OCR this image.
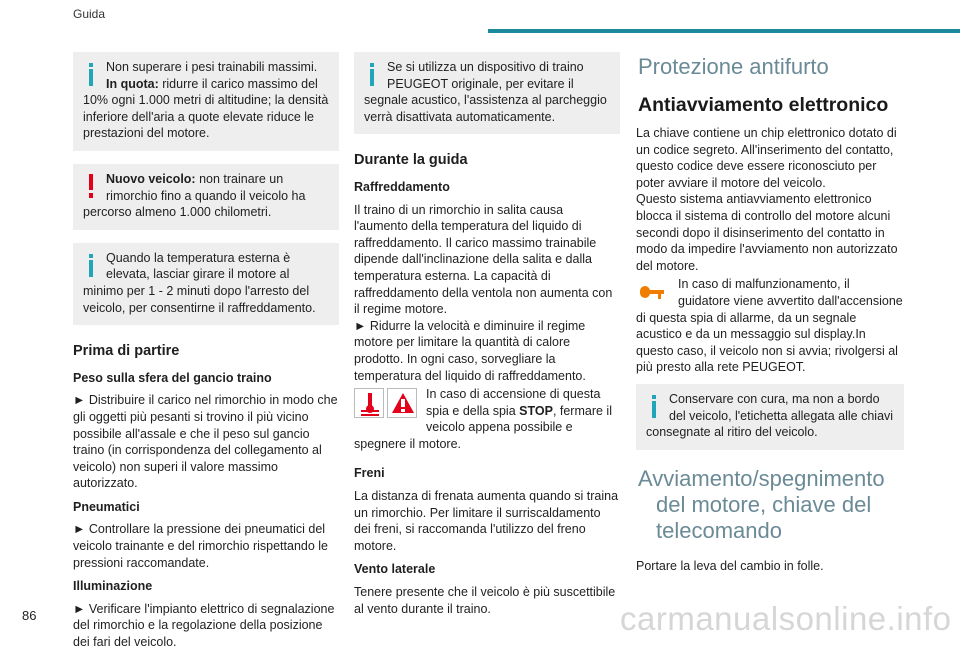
Guida

Non superare i pesi trainabili massimi.
In quota: ridurre il carico massimo del 10% ogni 1.000 metri di altitudine; la densità inferiore dell'aria a quote elevate riduce le prestazioni del motore.

Nuovo veicolo: non trainare un rimorchio fino a quando il veicolo ha percorso almeno 1.000 chilometri.

Quando la temperatura esterna è elevata, lasciar girare il motore al minimo per 1 - 2 minuti dopo l'arresto del veicolo, per consentirne il raffreddamento.

Prima di partire
Peso sulla sfera del gancio traino

► Distribuire il carico nel rimorchio in modo che gli oggetti più pesanti si trovino il più vicino possibile all'assale e che il peso sul gancio traino (in corrispondenza del collegamento al veicolo) non superi il valore massimo autorizzato.

Pneumatici

► Controllare la pressione dei pneumatici del veicolo trainante e del rimorchio rispettando le pressioni raccomandate.

Illuminazione

► Verificare l'impianto elettrico di segnalazione del rimorchio e la regolazione della posizione dei fari del veicolo.

Se si utilizza un dispositivo di traino PEUGEOT originale, per evitare il segnale acustico, l'assistenza al parcheggio verrà disattivata automaticamente.

Durante la guida
Raffreddamento

Il traino di un rimorchio in salita causa l'aumento della temperatura del liquido di raffreddamento. Il carico massimo trainabile dipende dall'inclinazione della salita e dalla temperatura esterna. La capacità di raffreddamento della ventola non aumenta con il regime motore.

► Ridurre la velocità e diminuire il regime motore per limitare la quantità di calore prodotto. In ogni caso, sorvegliare la temperatura del liquido di raffreddamento.

In caso di accensione di questa spia e della spia STOP, fermare il veicolo appena possibile e spegnere il motore.

Freni

La distanza di frenata aumenta quando si traina un rimorchio. Per limitare il surriscaldamento dei freni, si raccomanda l'utilizzo del freno motore.

Vento laterale

Tenere presente che il veicolo è più suscettibile al vento durante il traino.

Protezione antifurto
Antiavviamento elettronico

La chiave contiene un chip elettronico dotato di un codice segreto. All'inserimento del contatto, questo codice deve essere riconosciuto per poter avviare il motore del veicolo.

Questo sistema antiavviamento elettronico blocca il sistema di controllo del motore alcuni secondi dopo il disinserimento del contatto in modo da impedire l'avviamento non autorizzato del motore.

In caso di malfunzionamento, il guidatore viene avvertito dall'accensione di questa spia di allarme, da un segnale acustico e da un messaggio sul display.In questo caso, il veicolo non si avvia; rivolgersi al più presto alla rete PEUGEOT.

Conservare con cura, ma non a bordo del veicolo, l'etichetta allegata alle chiavi consegnate al ritiro del veicolo.

Avviamento/spegnimento
del motore, chiave del
telecomando

Portare la leva del cambio in folle.

86	carmanualsonline.info
